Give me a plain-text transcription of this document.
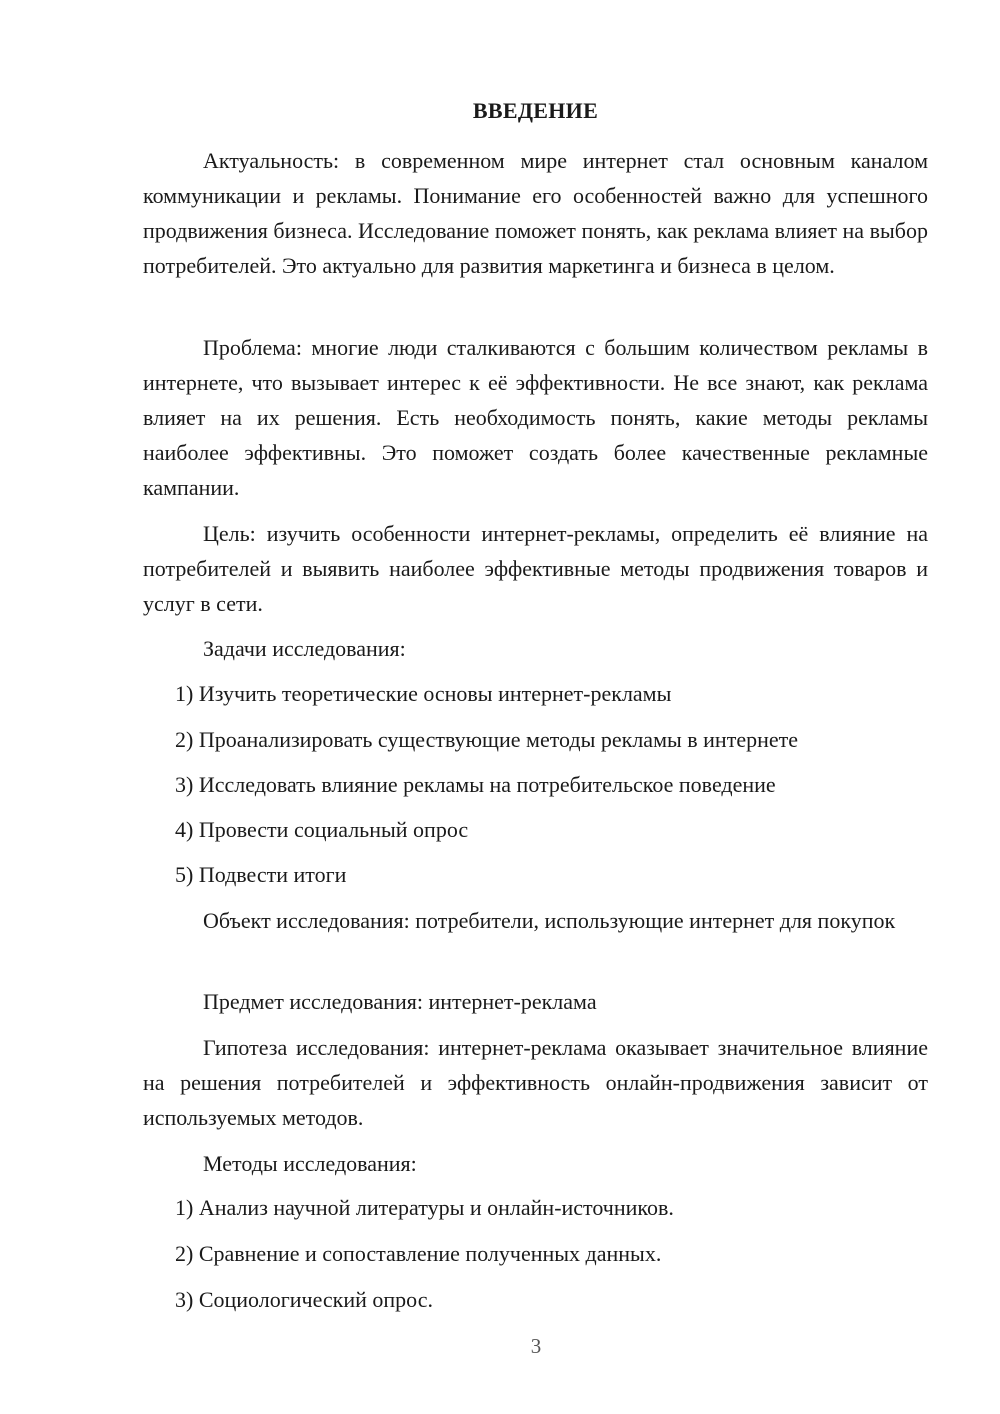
ВВЕДЕНИЕ

Актуальность: в современном мире интернет стал основным каналом коммуникации и рекламы. Понимание его особенностей важно для успешного продвижения бизнеса. Исследование поможет понять, как реклама влияет на выбор потребителей. Это актуально для развития маркетинга и бизнеса в целом.

Проблема: многие люди сталкиваются с большим количеством рекламы в интернете, что вызывает интерес к её эффективности. Не все знают, как реклама влияет на их решения. Есть необходимость понять, какие методы рекламы наиболее эффективны. Это поможет создать более качественные рекламные кампании.

Цель: изучить особенности интернет-рекламы, определить её влияние на потребителей и выявить наиболее эффективные методы продвижения товаров и услуг в сети.

Задачи исследования:

1) Изучить теоретические основы интернет-рекламы

2) Проанализировать существующие методы рекламы в интернете

3) Исследовать влияние рекламы на потребительское поведение

4) Провести социальный опрос

5) Подвести итоги

Объект исследования: потребители, использующие интернет для покупок

Предмет исследования: интернет-реклама

Гипотеза исследования: интернет-реклама оказывает значительное влияние на решения потребителей и эффективность онлайн-продвижения зависит от используемых методов.

Методы исследования:

1) Анализ научной литературы и онлайн-источников.

2) Сравнение и сопоставление полученных данных.

3) Социологический опрос.

3
